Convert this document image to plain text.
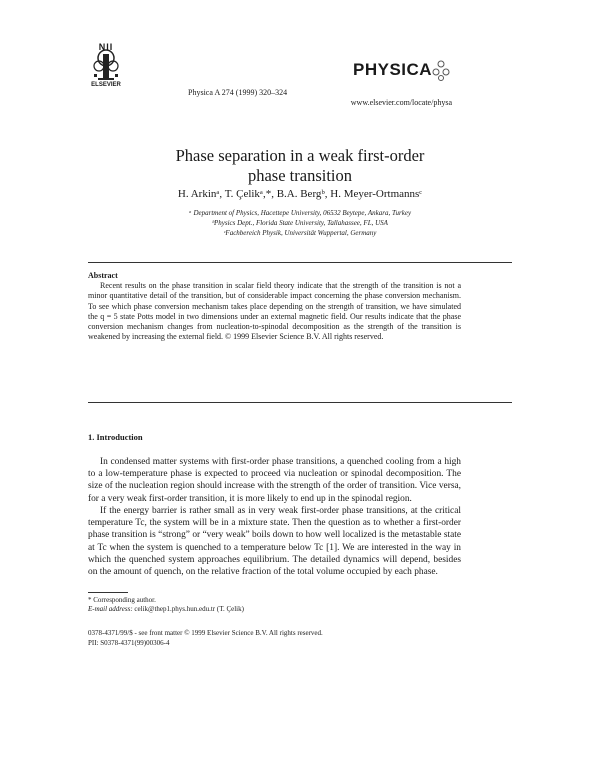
NII
ELSEVIER
Physica A 274 (1999) 320–324
PHYSICA
www.elsevier.com/locate/physa
Phase separation in a weak first-order
phase transition
H. Arkinᵃ, T. Çelikᵃ,*, B.A. Bergᵇ, H. Meyer-Ortmannsᶜ
ᵃ Department of Physics, Hacettepe University, 06532 Beytepe, Ankara, Turkey
ᵇPhysics Dept., Florida State University, Tallahassee, FL, USA
ᶜFachbereich Physik, Universität Wuppertal, Germany
Abstract
Recent results on the phase transition in scalar field theory indicate that the strength of the transition is not a minor quantitative detail of the transition, but of considerable impact concerning the phase conversion mechanism. To see which phase conversion mechanism takes place depending on the strength of transition, we have simulated the q = 5 state Potts model in two dimensions under an external magnetic field. Our results indicate that the phase conversion mechanism changes from nucleation-to-spinodal decomposition as the strength of the transition is weakened by increasing the external field. © 1999 Elsevier Science B.V. All rights reserved.
1. Introduction
In condensed matter systems with first-order phase transitions, a quenched cooling from a high to a low-temperature phase is expected to proceed via nucleation or spinodal decomposition. The size of the nucleation region should increase with the strength of the order of transition. Vice versa, for a very weak first-order transition, it is more likely to end up in the spinodal region.
If the energy barrier is rather small as in very weak first-order phase transitions, at the critical temperature Tc, the system will be in a mixture state. Then the question as to whether a first-order phase transition is “strong” or “very weak” boils down to how well localized is the metastable state at Tc when the system is quenched to a temperature below Tc [1]. We are interested in the way in which the quenched system approaches equilibrium. The detailed dynamics will depend, besides on the amount of quench, on the relative fraction of the total volume occupied by each phase.
* Corresponding author.
E-mail address: celik@thep1.phys.hun.edu.tr (T. Çelik)
0378-4371/99/$ - see front matter © 1999 Elsevier Science B.V. All rights reserved.
PII: S0378-4371(99)00306-4
